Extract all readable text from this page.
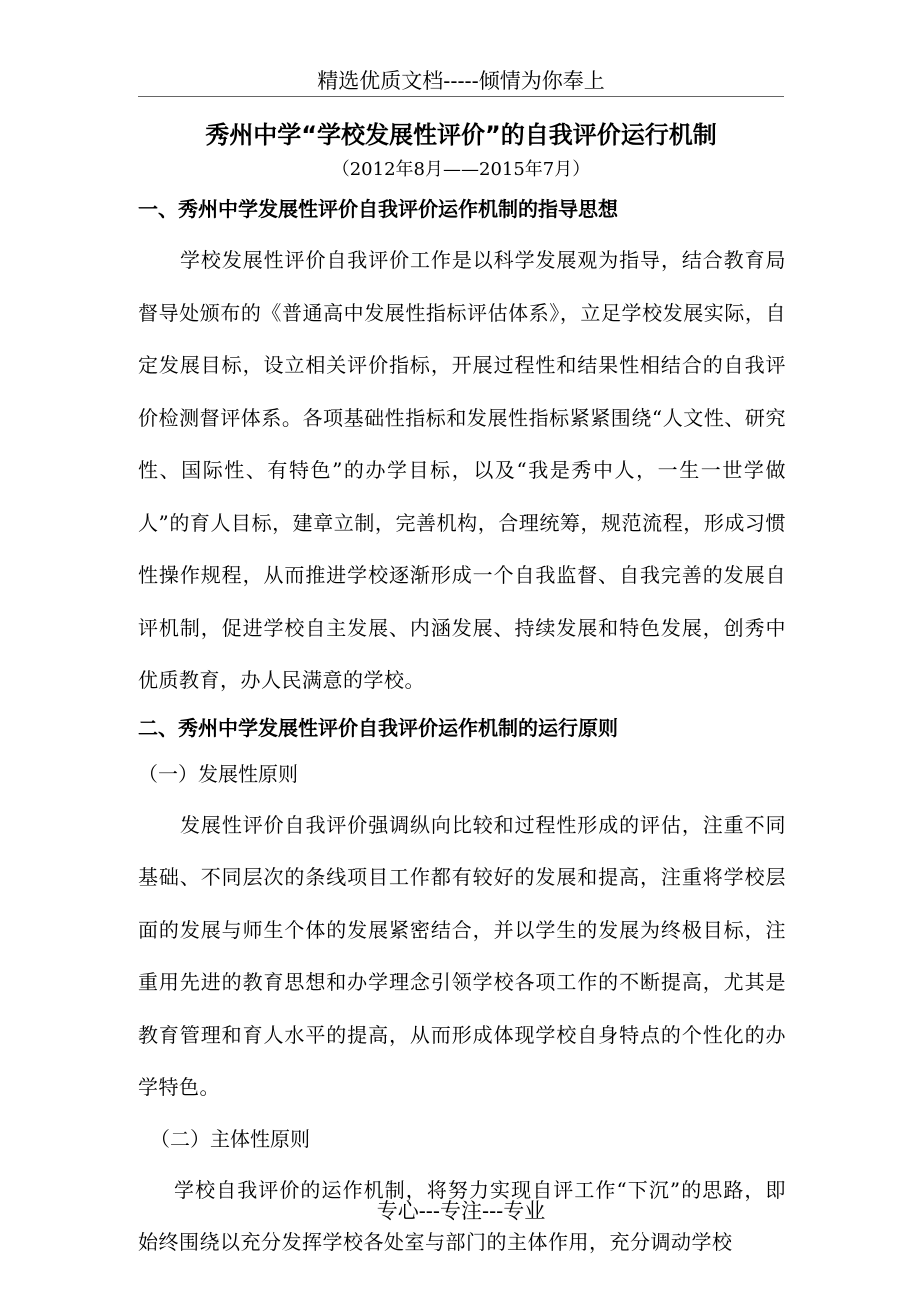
精选优质文档-----倾情为你奉上
秀州中学“学校发展性评价”的自我评价运行机制
（2012年8月——2015年7月）
一、秀州中学发展性评价自我评价运作机制的指导思想

学校发展性评价自我评价工作是以科学发展观为指导，结合教育局督导处颁布的《普通高中发展性指标评估体系》，立足学校发展实际，自定发展目标，设立相关评价指标，开展过程性和结果性相结合的自我评价检测督评体系。各项基础性指标和发展性指标紧紧围绕“人文性、研究性、国际性、有特色”的办学目标，以及“我是秀中人，一生一世学做人”的育人目标，建章立制，完善机构，合理统筹，规范流程，形成习惯性操作规程，从而推进学校逐渐形成一个自我监督、自我完善的发展自评机制，促进学校自主发展、内涵发展、持续发展和特色发展，创秀中优质教育，办人民满意的学校。

二、秀州中学发展性评价自我评价运作机制的运行原则
（一）发展性原则

发展性评价自我评价强调纵向比较和过程性形成的评估，注重不同基础、不同层次的条线项目工作都有较好的发展和提高，注重将学校层面的发展与师生个体的发展紧密结合，并以学生的发展为终极目标，注重用先进的教育思想和办学理念引领学校各项工作的不断提高，尤其是教育管理和育人水平的提高，从而形成体现学校自身特点的个性化的办学特色。

（二）主体性原则

学校自我评价的运作机制，将努力实现自评工作“下沉”的思路，即始终围绕以充分发挥学校各处室与部门的主体作用，充分调动学校

专心---专注---专业
